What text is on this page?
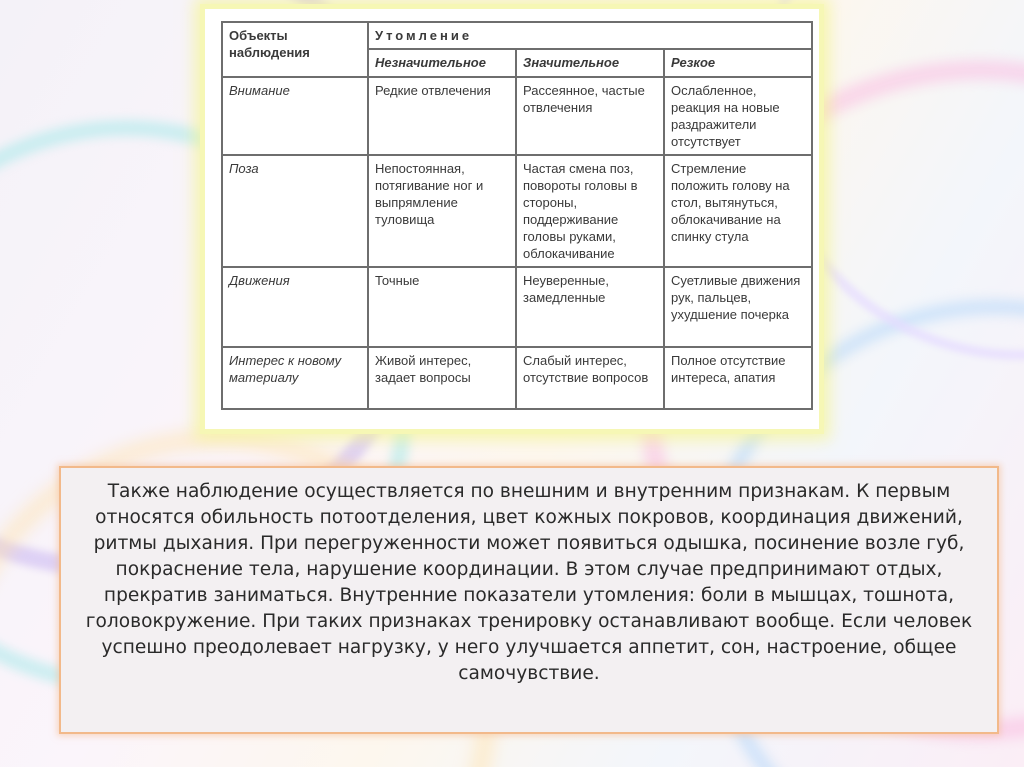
Объекты наблюдения	Утомление		
	Незначительное	Значительное	Резкое
Внимание	Редкие отвлечения	Рассеянное, частые отвлечения	Ослабленное, реакция на новые раздражители отсутствует
Поза	Непостоянная, потягивание ног и выпрямление туловища	Частая смена поз, повороты головы в стороны, поддерживание головы руками, облокачивание	Стремление положить голову на стол, вытянуться, облокачивание на спинку стула
Движения	Точные	Неуверенные, замедленные	Суетливые движения рук, пальцев, ухудшение почерка
Интерес к новому материалу	Живой интерес, задает вопросы	Слабый интерес, отсутствие вопросов	Полное отсутствие интереса, апатия

Также наблюдение осуществляется по внешним и внутренним признакам. К первым относятся обильность потоотделения, цвет кожных покровов, координация движений, ритмы дыхания. При перегруженности может появиться одышка, посинение возле губ, покраснение тела, нарушение координации. В этом случае предпринимают отдых, прекратив заниматься. Внутренние показатели утомления: боли в мышцах, тошнота, головокружение. При таких признаках тренировку останавливают вообще. Если человек успешно преодолевает нагрузку, у него улучшается аппетит, сон, настроение, общее самочувствие.
